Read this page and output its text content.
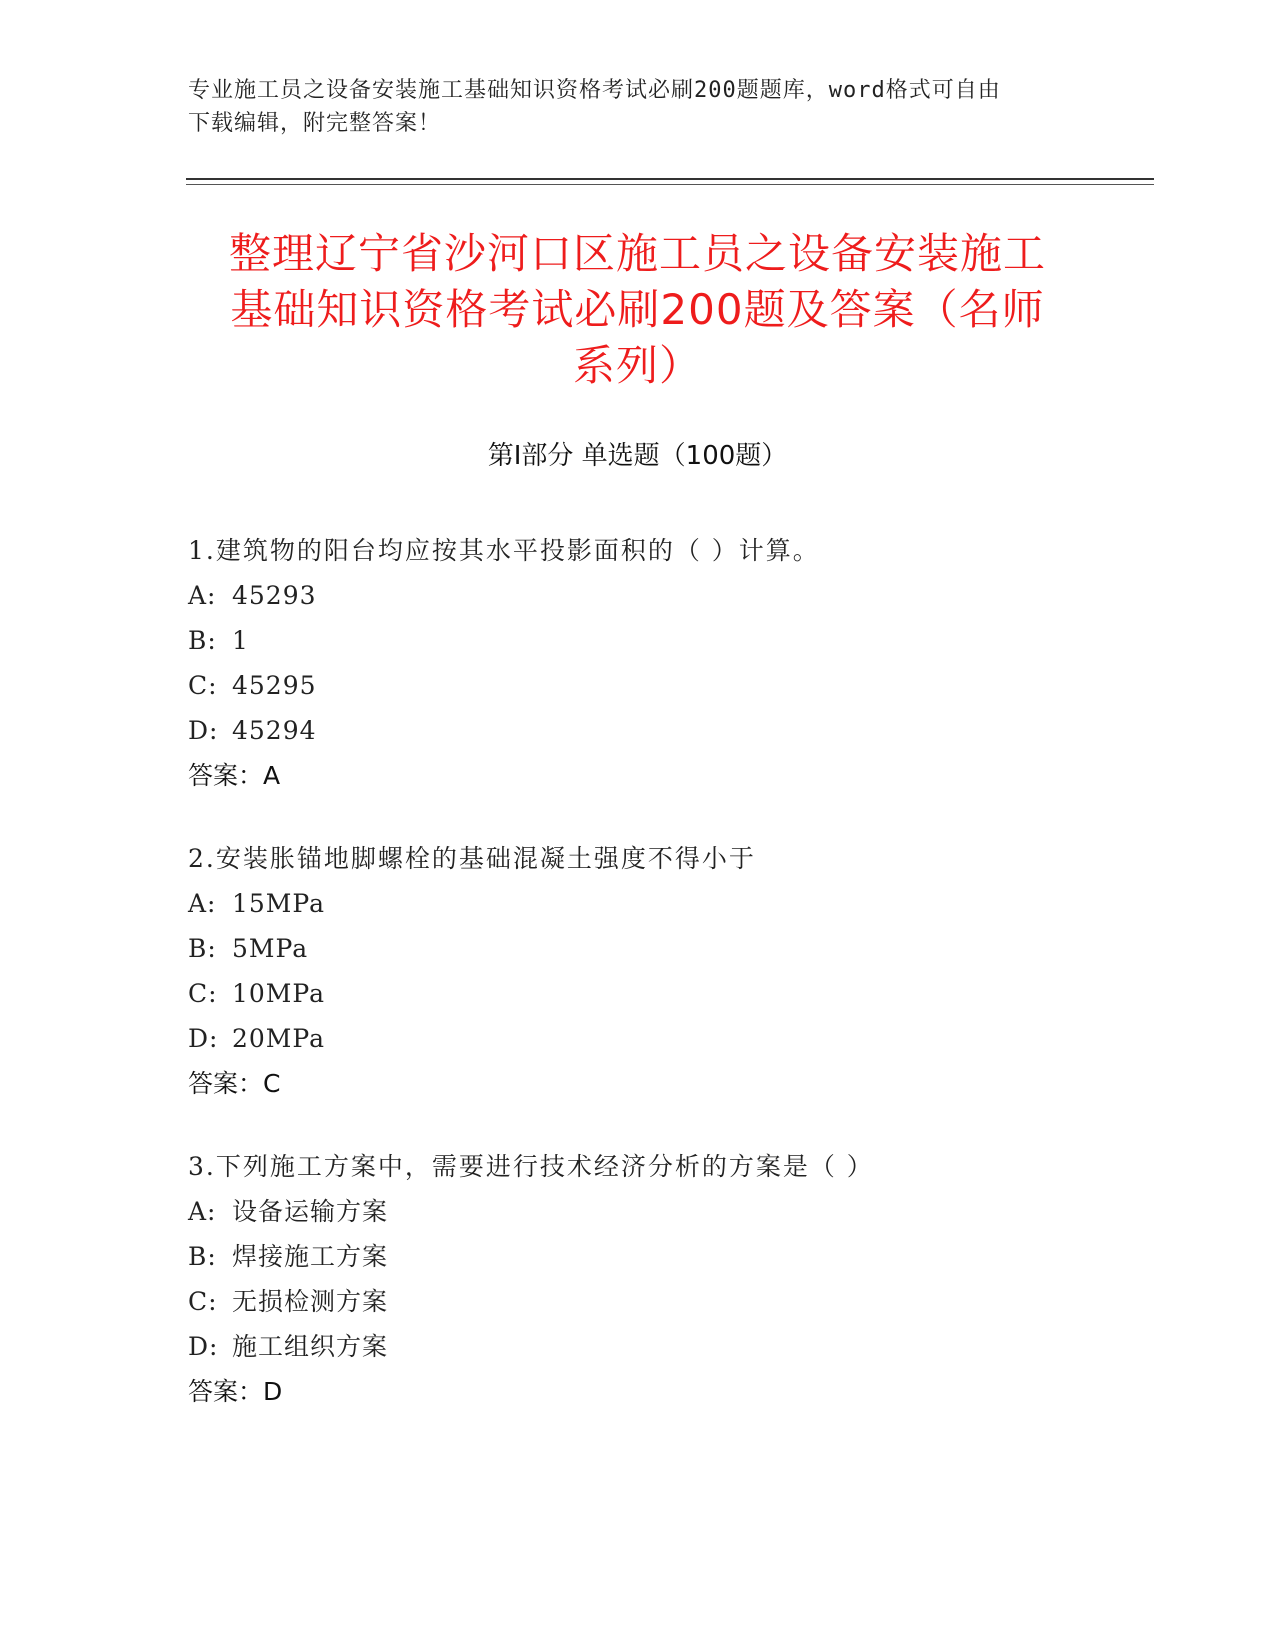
专业施工员之设备安装施工基础知识资格考试必刷200题题库，word格式可自由
下载编辑，附完整答案！
整理辽宁省沙河口区施工员之设备安装施工
基础知识资格考试必刷200题及答案（名师
系列）
第Ⅰ部分 单选题（100题）
1.建筑物的阳台均应按其水平投影面积的（ ）计算。
A: 45293
B: 1
C: 45295
D: 45294
答案：A
2.安装胀锚地脚螺栓的基础混凝土强度不得小于
A: 15MPa
B: 5MPa
C: 10MPa
D: 20MPa
答案：C
3.下列施工方案中，需要进行技术经济分析的方案是（ ）
A: 设备运输方案
B: 焊接施工方案
C: 无损检测方案
D: 施工组织方案
答案：D
